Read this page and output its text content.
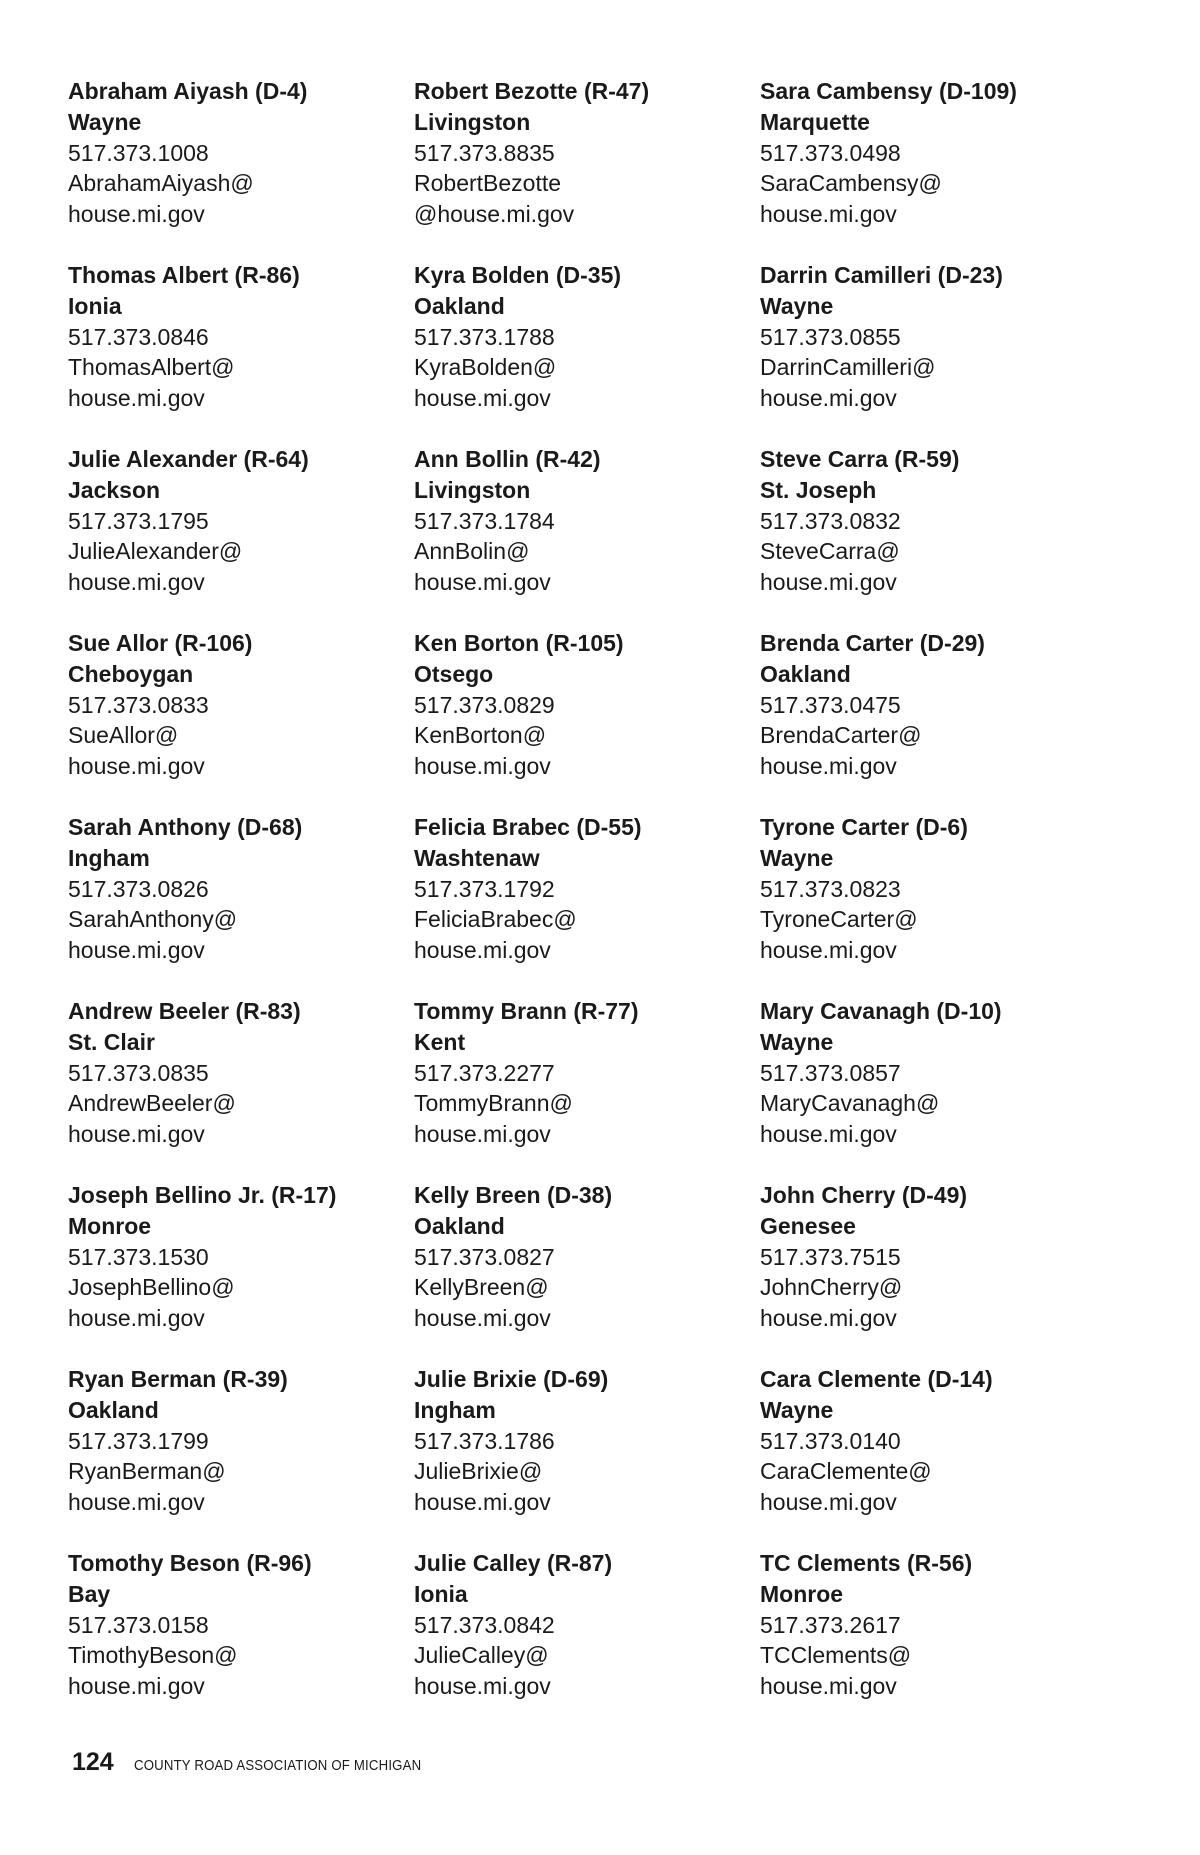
Abraham Aiyash (D-4)
Wayne
517.373.1008
AbrahamAiyash@
house.mi.gov
Thomas Albert (R-86)
Ionia
517.373.0846
ThomasAlbert@
house.mi.gov
Julie Alexander (R-64)
Jackson
517.373.1795
JulieAlexander@
house.mi.gov
Sue Allor (R-106)
Cheboygan
517.373.0833
SueAllor@
house.mi.gov
Sarah Anthony (D-68)
Ingham
517.373.0826
SarahAnthony@
house.mi.gov
Andrew Beeler (R-83)
St. Clair
517.373.0835
AndrewBeeler@
house.mi.gov
Joseph Bellino Jr. (R-17)
Monroe
517.373.1530
JosephBellino@
house.mi.gov
Ryan Berman (R-39)
Oakland
517.373.1799
RyanBerman@
house.mi.gov
Tomothy Beson (R-96)
Bay
517.373.0158
TimothyBeson@
house.mi.gov
Robert Bezotte (R-47)
Livingston
517.373.8835
RobertBezotte
@house.mi.gov
Kyra Bolden (D-35)
Oakland
517.373.1788
KyraBolden@
house.mi.gov
Ann Bollin (R-42)
Livingston
517.373.1784
AnnBolin@
house.mi.gov
Ken Borton (R-105)
Otsego
517.373.0829
KenBorton@
house.mi.gov
Felicia Brabec (D-55)
Washtenaw
517.373.1792
FeliciaBrabec@
house.mi.gov
Tommy Brann (R-77)
Kent
517.373.2277
TommyBrann@
house.mi.gov
Kelly Breen (D-38)
Oakland
517.373.0827
KellyBreen@
house.mi.gov
Julie Brixie (D-69)
Ingham
517.373.1786
JulieBrixie@
house.mi.gov
Julie Calley (R-87)
Ionia
517.373.0842
JulieCalley@
house.mi.gov
Sara Cambensy (D-109)
Marquette
517.373.0498
SaraCambensy@
house.mi.gov
Darrin Camilleri (D-23)
Wayne
517.373.0855
DarrinCamilleri@
house.mi.gov
Steve Carra (R-59)
St. Joseph
517.373.0832
SteveCarra@
house.mi.gov
Brenda Carter (D-29)
Oakland
517.373.0475
BrendaCarter@
house.mi.gov
Tyrone Carter (D-6)
Wayne
517.373.0823
TyroneCarter@
house.mi.gov
Mary Cavanagh (D-10)
Wayne
517.373.0857
MaryCavanagh@
house.mi.gov
John Cherry (D-49)
Genesee
517.373.7515
JohnCherry@
house.mi.gov
Cara Clemente (D-14)
Wayne
517.373.0140
CaraClemente@
house.mi.gov
TC Clements (R-56)
Monroe
517.373.2617
TCClements@
house.mi.gov
124 COUNTY ROAD ASSOCIATION OF MICHIGAN
